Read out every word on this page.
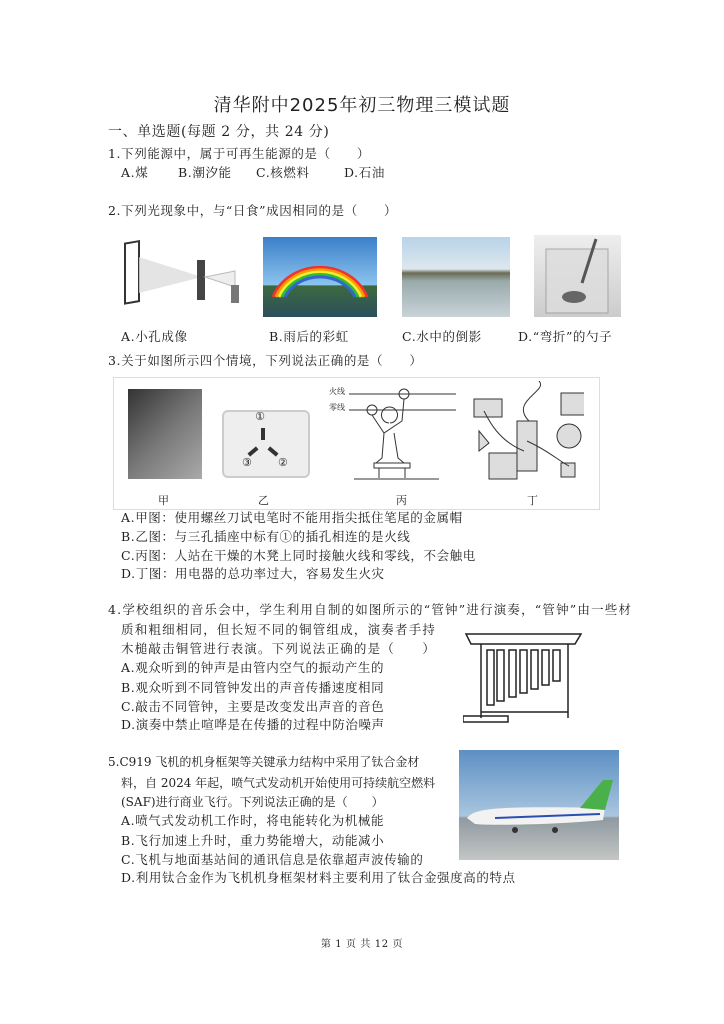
清华附中2025年初三物理三模试题
一、单选题(每题 2 分，共 24 分)
1.下列能源中，属于可再生能源的是（　　）
A.煤 B.潮汐能 C.核燃料	D.石油
2.下列光现象中，与“日食”成因相同的是（　　）
A.小孔成像	B.雨后的彩虹	C.水中的倒影	D.“弯折”的勺子
3.关于如图所示四个情境，下列说法正确的是（　　）
①
②
③
火线
零线
甲	乙	丙	丁
A.甲图：使用螺丝刀试电笔时不能用指尖抵住笔尾的金属帽
B.乙图：与三孔插座中标有①的插孔相连的是火线
C.丙图：人站在干燥的木凳上同时接触火线和零线，不会触电
D.丁图：用电器的总功率过大，容易发生火灾
4.学校组织的音乐会中，学生利用自制的如图所示的“管钟”进行演奏，“管钟”由一些材
质和粗细相同，但长短不同的铜管组成，演奏者手持
木槌敲击铜管进行表演。下列说法正确的是（　　）
A.观众听到的钟声是由管内空气的振动产生的
B.观众听到不同管钟发出的声音传播速度相同
C.敲击不同管钟，主要是改变发出声音的音色
D.演奏中禁止喧哗是在传播的过程中防治噪声
5.C919 飞机的机身框架等关键承力结构中采用了钛合金材
料，自 2024 年起，喷气式发动机开始使用可持续航空燃料
(SAF)进行商业飞行。下列说法正确的是（　　）
A.喷气式发动机工作时，将电能转化为机械能
B.飞行加速上升时，重力势能增大，动能减小
C.飞机与地面基站间的通讯信息是依靠超声波传输的
D.利用钛合金作为飞机机身框架材料主要利用了钛合金强度高的特点
第 1 页 共 12 页
